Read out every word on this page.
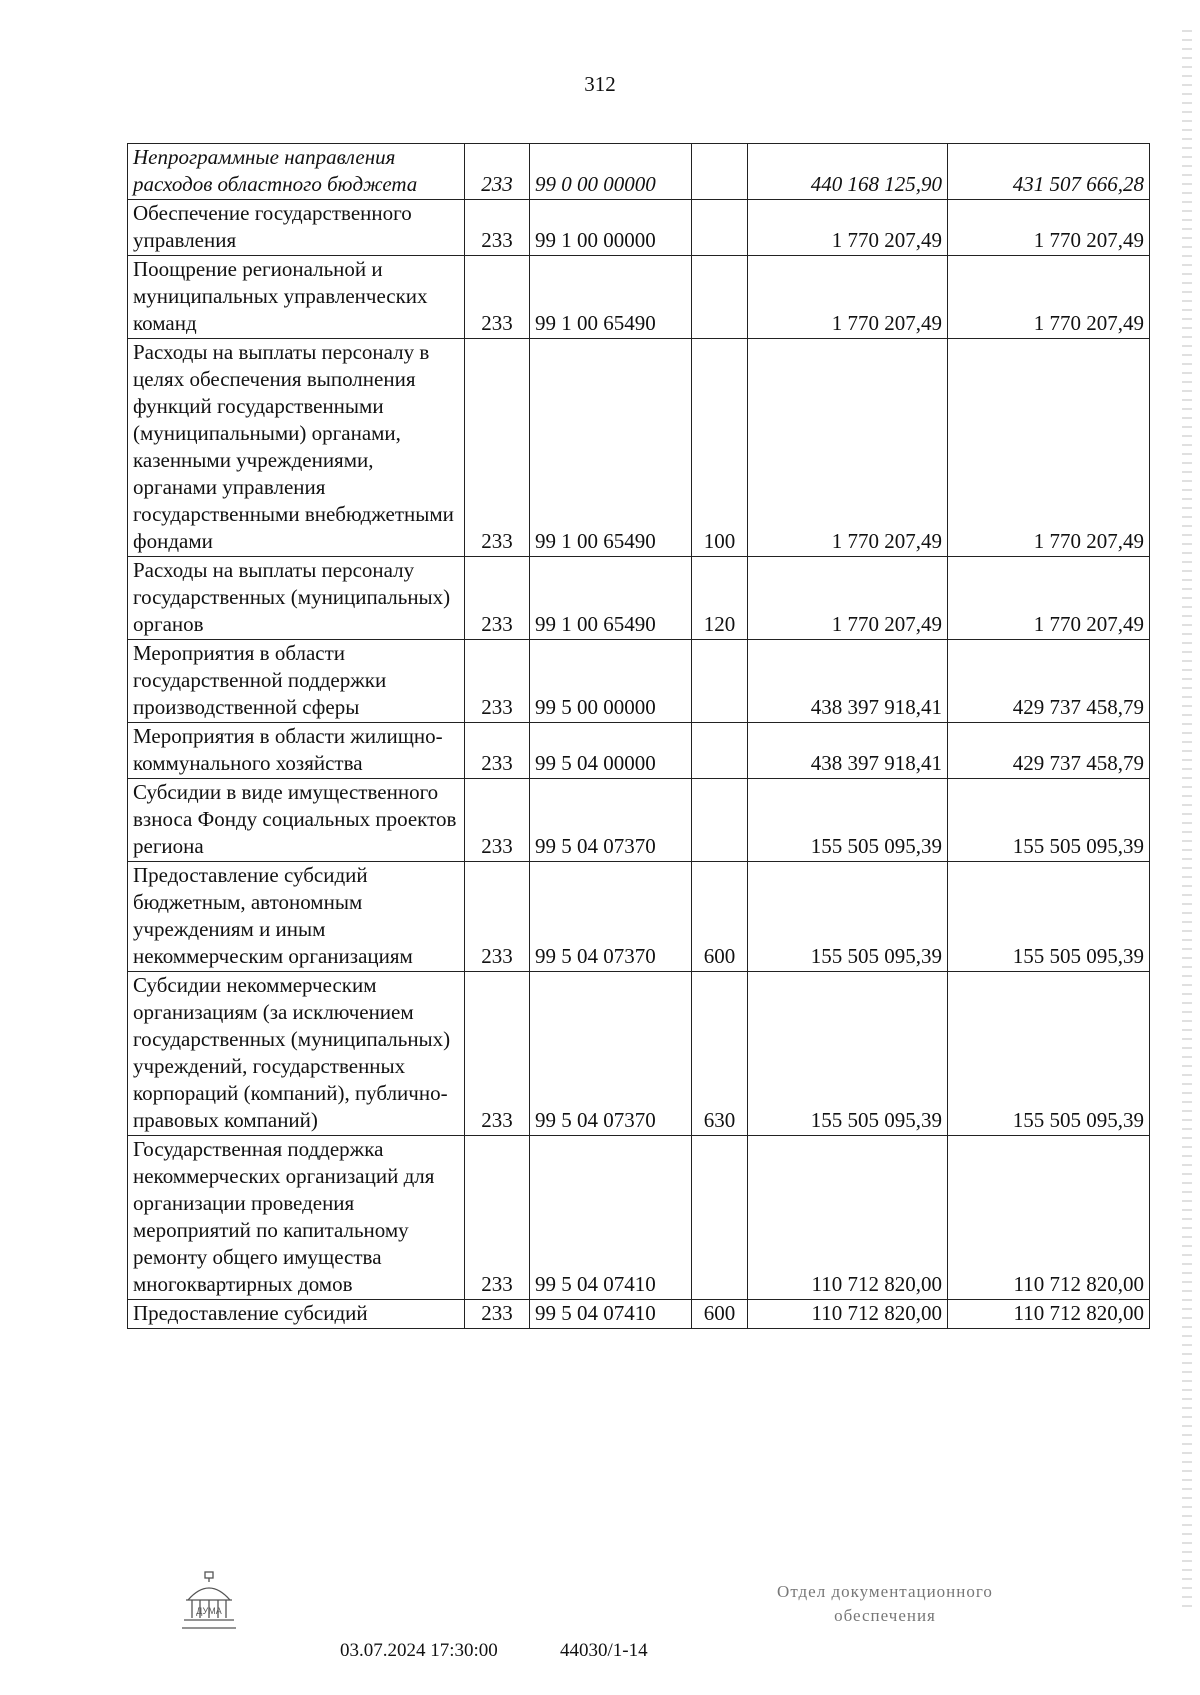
312
Непрограммные направления расходов областного бюджета	233	99 0 00 00000		440 168 125,90	431 507 666,28
Обеспечение государственного управления	233	99 1 00 00000		1 770 207,49	1 770 207,49
Поощрение региональной и муниципальных управленческих команд	233	99 1 00 65490		1 770 207,49	1 770 207,49
Расходы на выплаты персоналу в целях обеспечения выполнения функций государственными (муниципальными) органами, казенными учреждениями, органами управления государственными внебюджетными фондами	233	99 1 00 65490	100	1 770 207,49	1 770 207,49
Расходы на выплаты персоналу государственных (муниципальных) органов	233	99 1 00 65490	120	1 770 207,49	1 770 207,49
Мероприятия в области государственной поддержки производственной сферы	233	99 5 00 00000		438 397 918,41	429 737 458,79
Мероприятия в области жилищно-коммунального хозяйства	233	99 5 04 00000		438 397 918,41	429 737 458,79
Субсидии в виде имущественного взноса Фонду социальных проектов региона	233	99 5 04 07370		155 505 095,39	155 505 095,39
Предоставление субсидий бюджетным, автономным учреждениям и иным некоммерческим организациям	233	99 5 04 07370	600	155 505 095,39	155 505 095,39
Субсидии некоммерческим организациям (за исключением государственных (муниципальных) учреждений, государственных корпораций (компаний), публично-правовых компаний)	233	99 5 04 07370	630	155 505 095,39	155 505 095,39
Государственная поддержка некоммерческих организаций для организации проведения мероприятий по капитальному ремонту общего имущества многоквартирных домов	233	99 5 04 07410		110 712 820,00	110 712 820,00
Предоставление субсидий	233	99 5 04 07410	600	110 712 820,00	110 712 820,00
ДУМА
03.07.2024 17:30:00	44030/1-14
Отдел документационного
обеспечения
